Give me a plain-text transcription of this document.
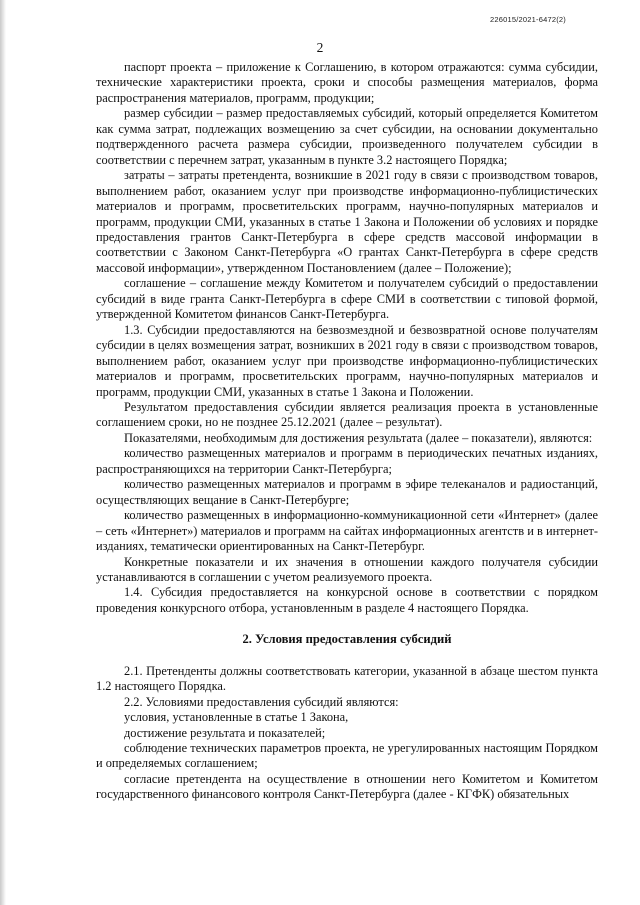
226015/2021-6472(2)
2

паспорт проекта – приложение к Соглашению, в котором отражаются: сумма субсидии, технические характеристики проекта, сроки и способы размещения материалов, форма распространения материалов, программ, продукции;

размер субсидии – размер предоставляемых субсидий, который определяется Комитетом как сумма затрат, подлежащих возмещению за счет субсидии, на основании документально подтвержденного расчета размера субсидии, произведенного получателем субсидии в соответствии с перечнем затрат, указанным в пункте 3.2 настоящего Порядка;

затраты – затраты претендента, возникшие в 2021 году в связи с производством товаров, выполнением работ, оказанием услуг при производстве информационно-публицистических материалов и программ, просветительских программ, научно-популярных материалов и программ, продукции СМИ, указанных в статье 1 Закона и Положении об условиях и порядке предоставления грантов Санкт-Петербурга в сфере средств массовой информации в соответствии с Законом Санкт-Петербурга «О грантах Санкт-Петербурга в сфере средств массовой информации», утвержденном Постановлением (далее – Положение);

соглашение – соглашение между Комитетом и получателем субсидий о предоставлении субсидий в виде гранта Санкт-Петербурга в сфере СМИ в соответствии с типовой формой, утвержденной Комитетом финансов Санкт-Петербурга.

1.3. Субсидии предоставляются на безвозмездной и безвозвратной основе получателям субсидии в целях возмещения затрат, возникших в 2021 году в связи с производством товаров, выполнением работ, оказанием услуг при производстве информационно-публицистических материалов и программ, просветительских программ, научно-популярных материалов и программ, продукции СМИ, указанных в статье 1 Закона и Положении.

Результатом предоставления субсидии является реализация проекта в установленные соглашением сроки, но не позднее 25.12.2021 (далее – результат).

Показателями, необходимым для достижения результата (далее – показатели), являются:

количество размещенных материалов и программ в периодических печатных изданиях, распространяющихся на территории Санкт-Петербурга;

количество размещенных материалов и программ в эфире телеканалов и радиостанций, осуществляющих вещание в Санкт-Петербурге;

количество размещенных в информационно-коммуникационной сети «Интернет» (далее – сеть «Интернет») материалов и программ на сайтах информационных агентств и в интернет-изданиях, тематически ориентированных на Санкт-Петербург.

Конкретные показатели и их значения в отношении каждого получателя субсидии устанавливаются в соглашении с учетом реализуемого проекта.

1.4. Субсидия предоставляется на конкурсной основе в соответствии с порядком проведения конкурсного отбора, установленным в разделе 4 настоящего Порядка.

2. Условия предоставления субсидий

2.1. Претенденты должны соответствовать категории, указанной в абзаце шестом пункта 1.2 настоящего Порядка.

2.2. Условиями предоставления субсидий являются:

условия, установленные в статье 1 Закона,

достижение результата и показателей;

соблюдение технических параметров проекта, не урегулированных настоящим Порядком и определяемых соглашением;

согласие претендента на осуществление в отношении него Комитетом и Комитетом государственного финансового контроля Санкт-Петербурга (далее - КГФК) обязательных
